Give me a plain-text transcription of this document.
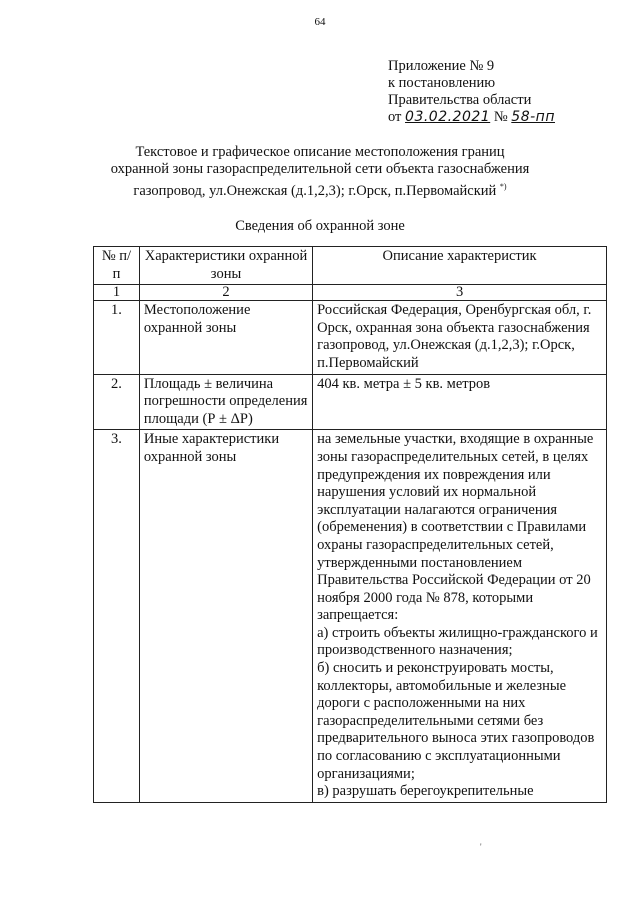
64
Приложение № 9
к постановлению
Правительства области
от 03.02.2021 № 58-пп
Текстовое и графическое описание местоположения границ
охранной зоны газораспределительной сети объекта газоснабжения
газопровод, ул.Онежская (д.1,2,3); г.Орск, п.Первомайский *)
Сведения об охранной зоне
№ п/п	Характеристики охранной зоны	Описание характеристик
1	2	3
1.	Местоположение охранной зоны	Российская Федерация, Оренбургская обл, г. Орск, охранная зона объекта газоснабжения газопровод, ул.Онежская (д.1,2,3); г.Орск, п.Первомайский
2.	Площадь ± величина погрешности определения площади (Р ± ΔР)	404 кв. метра ± 5 кв. метров
3.	Иные характеристики охранной зоны	на земельные участки, входящие в охранные зоны газораспределительных сетей, в целях предупреждения их повреждения или нарушения условий их нормальной эксплуатации налагаются ограничения (обременения) в соответствии с Правилами охраны газораспределительных сетей, утвержденными постановлением Правительства Российской Федерации от 20 ноября 2000 года № 878, которыми запрещается:
а) строить объекты жилищно-гражданского и производственного назначения;
б) сносить и реконструировать мосты, коллекторы, автомобильные и железные дороги с расположенными на них газораспределительными сетями без предварительного выноса этих газопроводов по согласованию с эксплуатационными организациями;
в) разрушать берегоукрепительные
'
